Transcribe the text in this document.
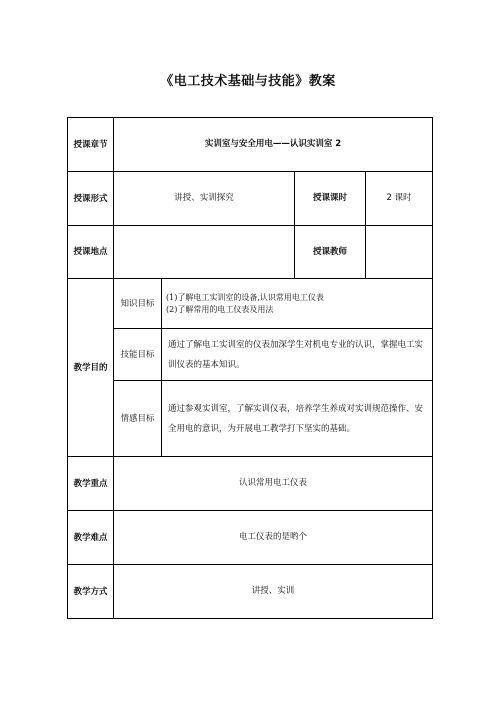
《电工技术基础与技能》教案
授课章节	实训室与安全用电——认识实训室 2			
授课形式	讲授、实训探究		授课课时	2 课时
授课地点			授课教师	
教学目的	知识目标	(1)了解电工实训室的设备,认识常用电工仪表
(2)了解常用的电工仪表及用法		

	技能目标	通过了解电工实训室的仪表加深学生对机电专业的认识，掌握电工实训仪表的基本知识。		
	情感目标	通过参观实训室，了解实训仪表，培养学生养成对实训规范操作、安全用电的意识，为开展电工教学打下坚实的基础。		
教学重点	认识常用电工仪表			
教学难点	电工仪表的是哟个			
教学方式	讲授、实训			
